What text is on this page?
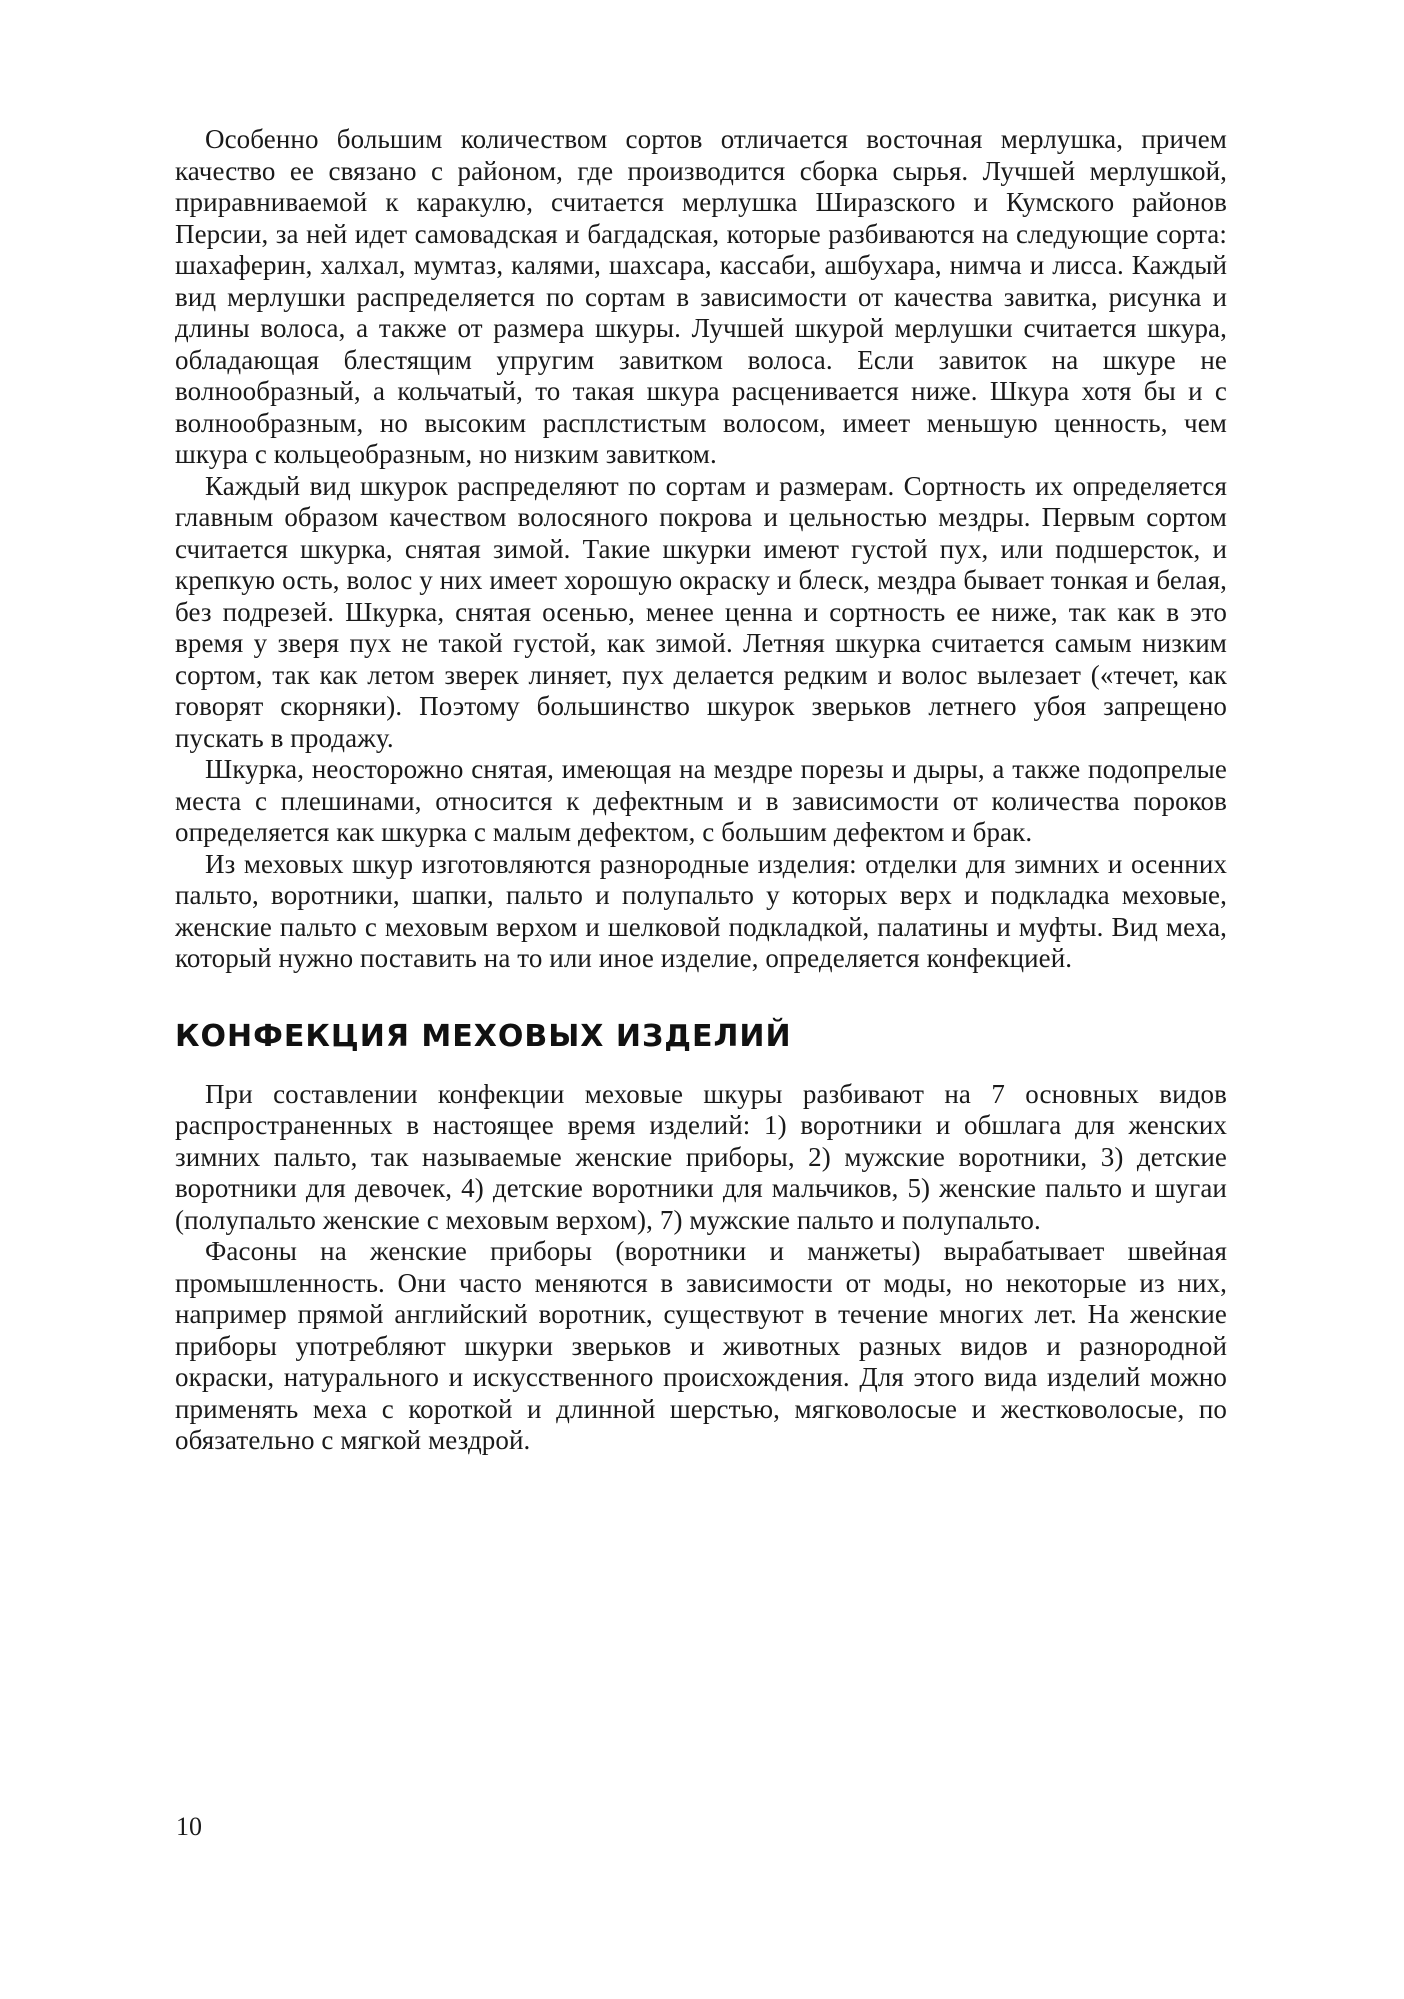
Особенно большим количеством сортов отличается восточная мерлушка, причем качество ее связано с районом, где производится сборка сырья. Лучшей мерлушкой, приравниваемой к каракулю, считается мерлушка Ширазского и Кумского районов Персии, за ней идет самовадская и багдадская, которые разбиваются на следующие сорта: шахаферин, халхал, мумтаз, калями, шахсара, кассаби, ашбухара, нимча и лисса. Каждый вид мерлушки распределяется по сортам в зависимости от качества завитка, рисунка и длины волоса, а также от размера шкуры. Лучшей шкурой мерлушки считается шкура, обладающая блестящим упругим завитком волоса. Если завиток на шкуре не волнообразный, а кольчатый, то такая шкура расценивается ниже. Шкура хотя бы и с волнообразным, но высоким расплстистым волосом, имеет меньшую ценность, чем шкура с кольцеобразным, но низким завитком.

Каждый вид шкурок распределяют по сортам и размерам. Сортность их определяется главным образом качеством волосяного покрова и цельностью мездры. Первым сортом считается шкурка, снятая зимой. Такие шкурки имеют густой пух, или подшерсток, и крепкую ость, волос у них имеет хорошую окраску и блеск, мездра бывает тонкая и белая, без подрезей. Шкурка, снятая осенью, менее ценна и сортность ее ниже, так как в это время у зверя пух не такой густой, как зимой. Летняя шкурка считается самым низким сортом, так как летом зверек линяет, пух делается редким и волос вылезает («течет, как говорят скорняки). Поэтому большинство шкурок зверьков летнего убоя запрещено пускать в продажу.

Шкурка, неосторожно снятая, имеющая на мездре порезы и дыры, а также подопрелые места с плешинами, относится к дефектным и в зависимости от количества пороков определяется как шкурка с малым дефектом, с большим дефектом и брак.

Из меховых шкур изготовляются разнородные изделия: отделки для зимних и осенних пальто, воротники, шапки, пальто и полупальто у которых верх и подкладка меховые, женские пальто с меховым верхом и шелковой подкладкой, палатины и муфты. Вид меха, который нужно поставить на то или иное изделие, определяется конфекцией.

КОНФЕКЦИЯ МЕХОВЫХ ИЗДЕЛИЙ

При составлении конфекции меховые шкуры разбивают на 7 основных видов распространенных в настоящее время изделий: 1) воротники и обшлага для женских зимних пальто, так называемые женские приборы, 2) мужские воротники, 3) детские воротники для девочек, 4) детские воротники для мальчиков, 5) женские пальто и шугаи (полупальто женские с меховым верхом), 7) мужские пальто и полупальто.

Фасоны на женские приборы (воротники и манжеты) вырабатывает швейная промышленность. Они часто меняются в зависимости от моды, но некоторые из них, например прямой английский воротник, существуют в течение многих лет. На женские приборы употребляют шкурки зверьков и животных разных видов и разнородной окраски, натурального и искусственного происхождения. Для этого вида изделий можно применять меха с короткой и длинной шерстью, мягковолосые и жестковолосые, по обязательно с мягкой мездрой.

10
